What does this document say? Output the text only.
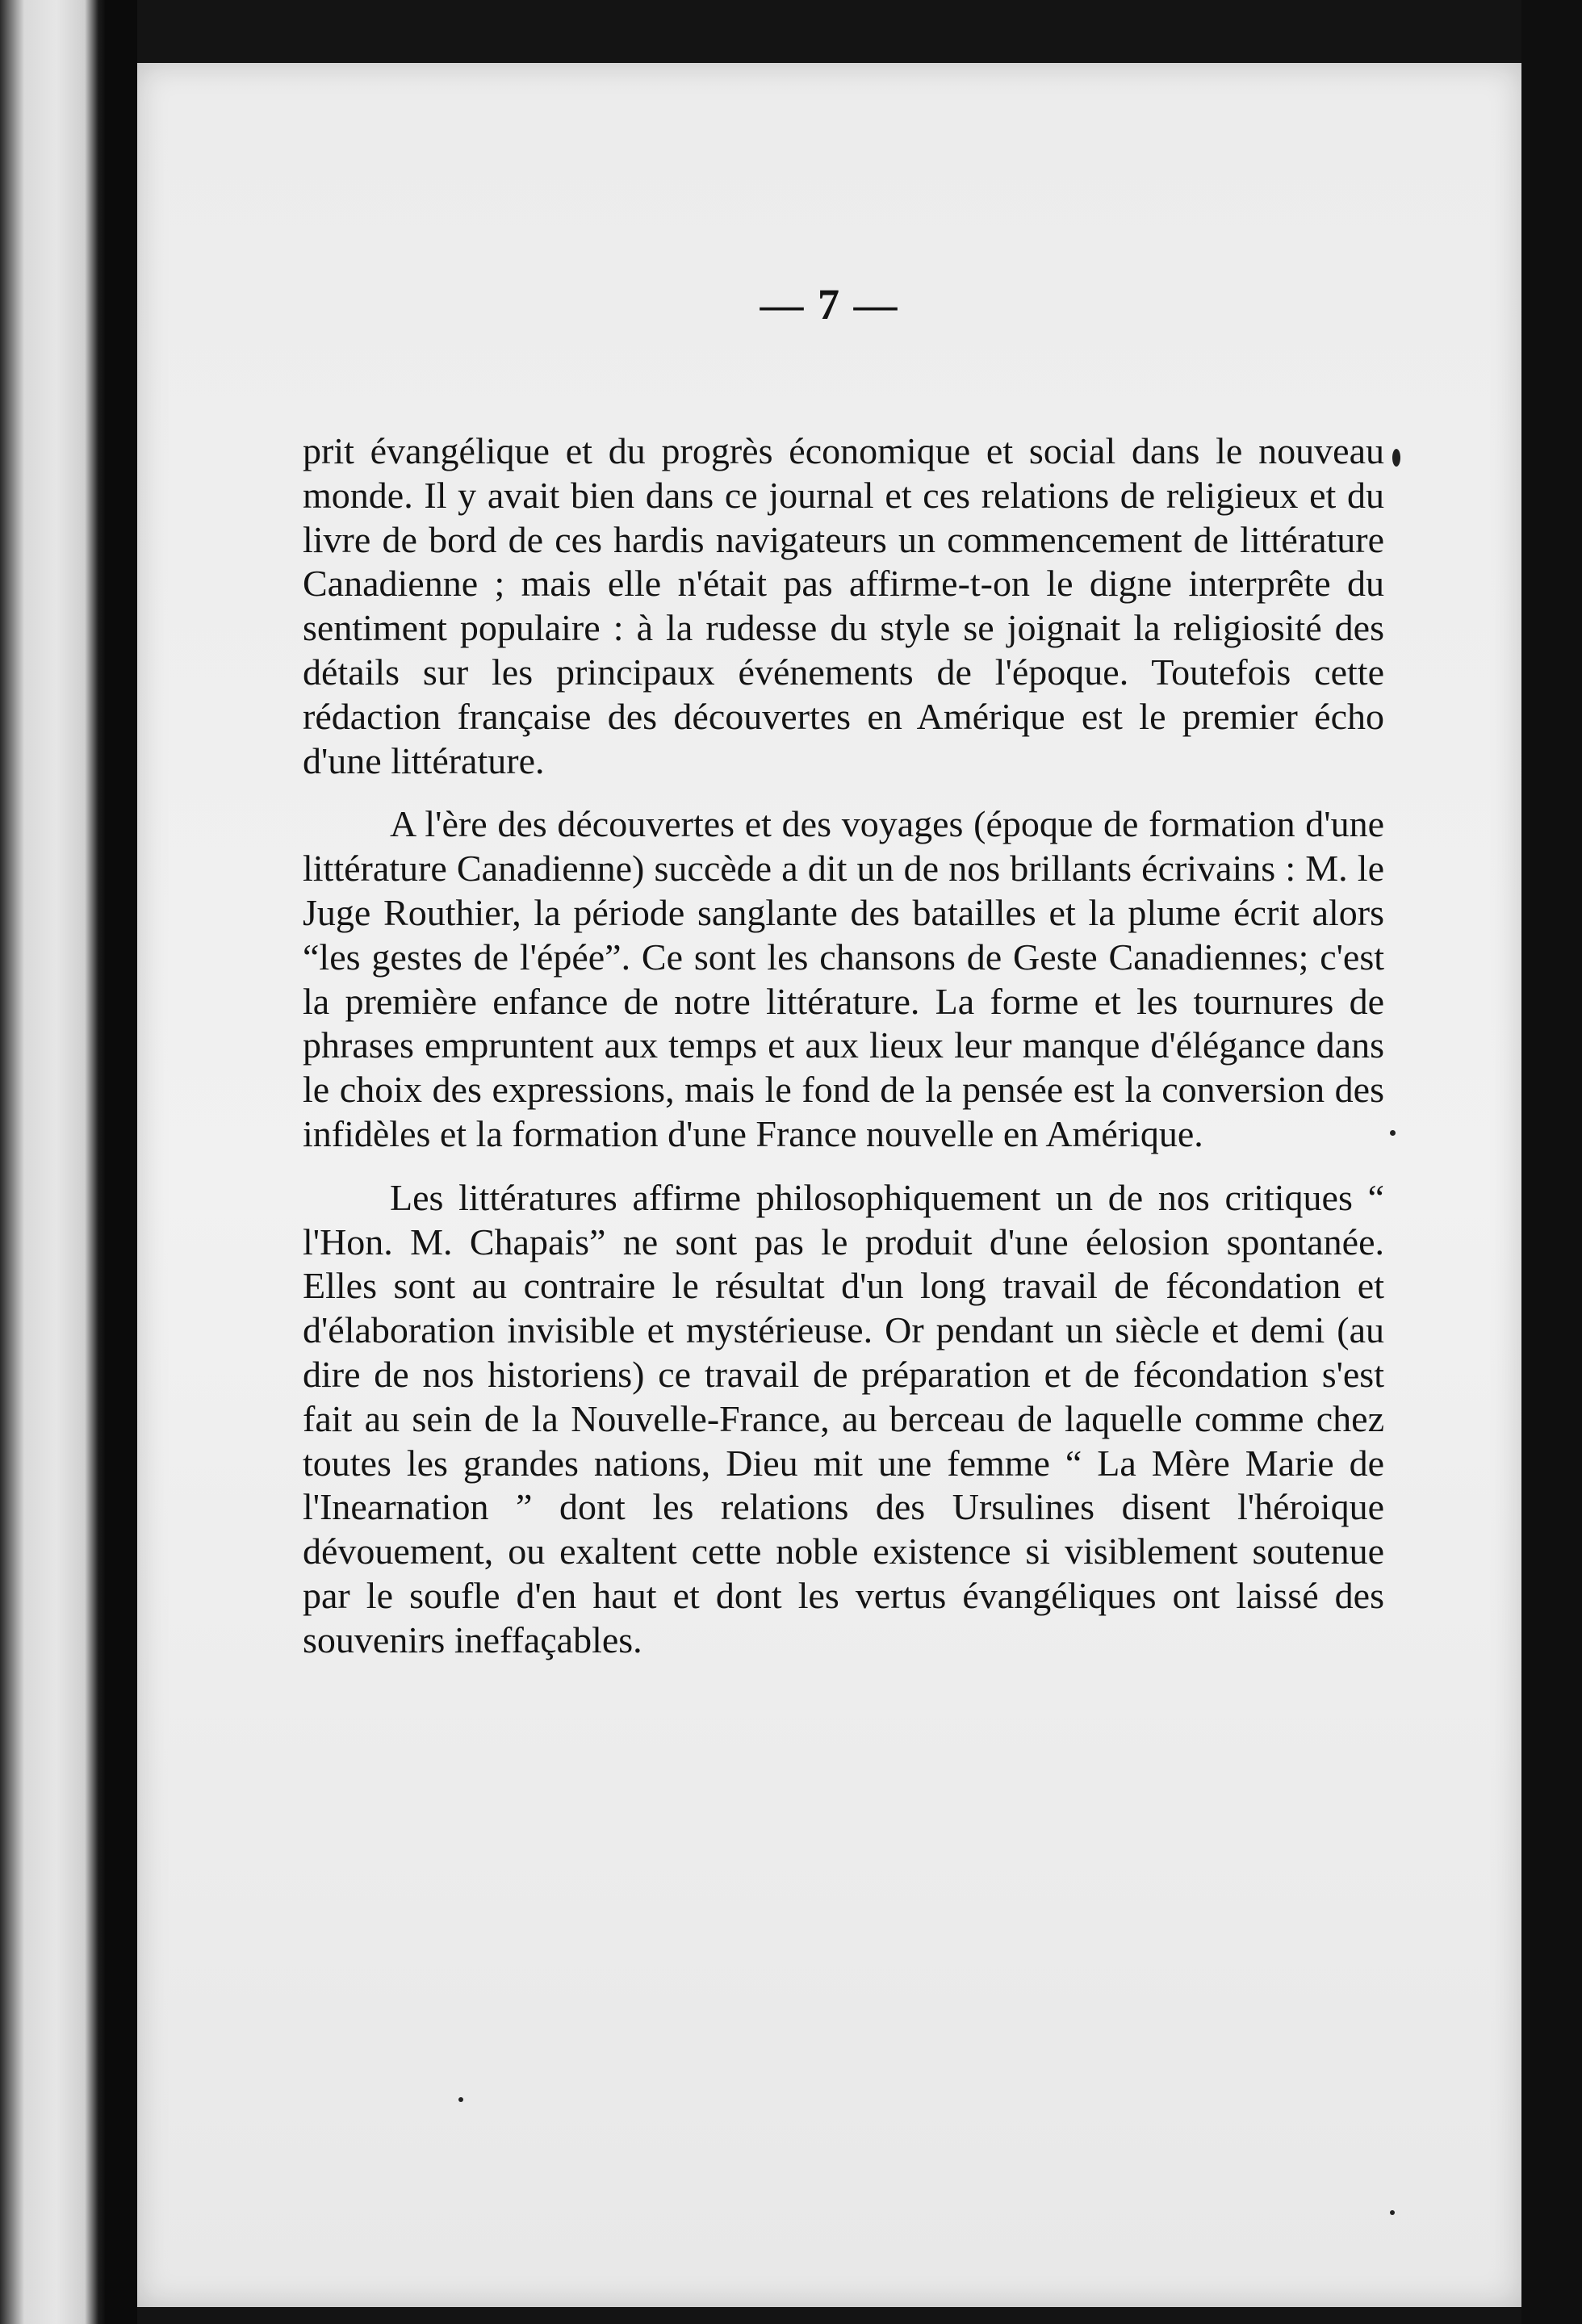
— 7 —

prit évangélique et du progrès économique et social dans le nouveau monde. Il y avait bien dans ce journal et ces relations de religieux et du livre de bord de ces hardis navigateurs un commencement de littérature Canadienne ; mais elle n'était pas affirme-t-on le digne interprête du sentiment populaire : à la rudesse du style se joignait la religiosité des détails sur les principaux événements de l'époque. Toutefois cette rédaction française des découvertes en Amérique est le premier écho d'une littérature.

A l'ère des découvertes et des voyages (époque de formation d'une littérature Canadienne) succède a dit un de nos brillants écrivains : M. le Juge Routhier, la période sanglante des batailles et la plume écrit alors “les gestes de l'épée”. Ce sont les chansons de Geste Canadiennes; c'est la première enfance de notre littérature. La forme et les tournures de phrases empruntent aux temps et aux lieux leur manque d'élégance dans le choix des expressions, mais le fond de la pensée est la conversion des infidèles et la formation d'une France nouvelle en Amérique.

Les littératures affirme philosophiquement un de nos critiques “ l'Hon. M. Chapais” ne sont pas le produit d'une éelosion spontanée. Elles sont au contraire le résultat d'un long travail de fécondation et d'élaboration invisible et mystérieuse. Or pendant un siècle et demi (au dire de nos historiens) ce travail de préparation et de fécondation s'est fait au sein de la Nouvelle-France, au berceau de laquelle comme chez toutes les grandes nations, Dieu mit une femme “ La Mère Marie de l'Inearnation ” dont les relations des Ursulines disent l'héroique dévouement, ou exaltent cette noble existence si visiblement soutenue par le soufle d'en haut et dont les vertus évangéliques ont laissé des souvenirs ineffaçables.
